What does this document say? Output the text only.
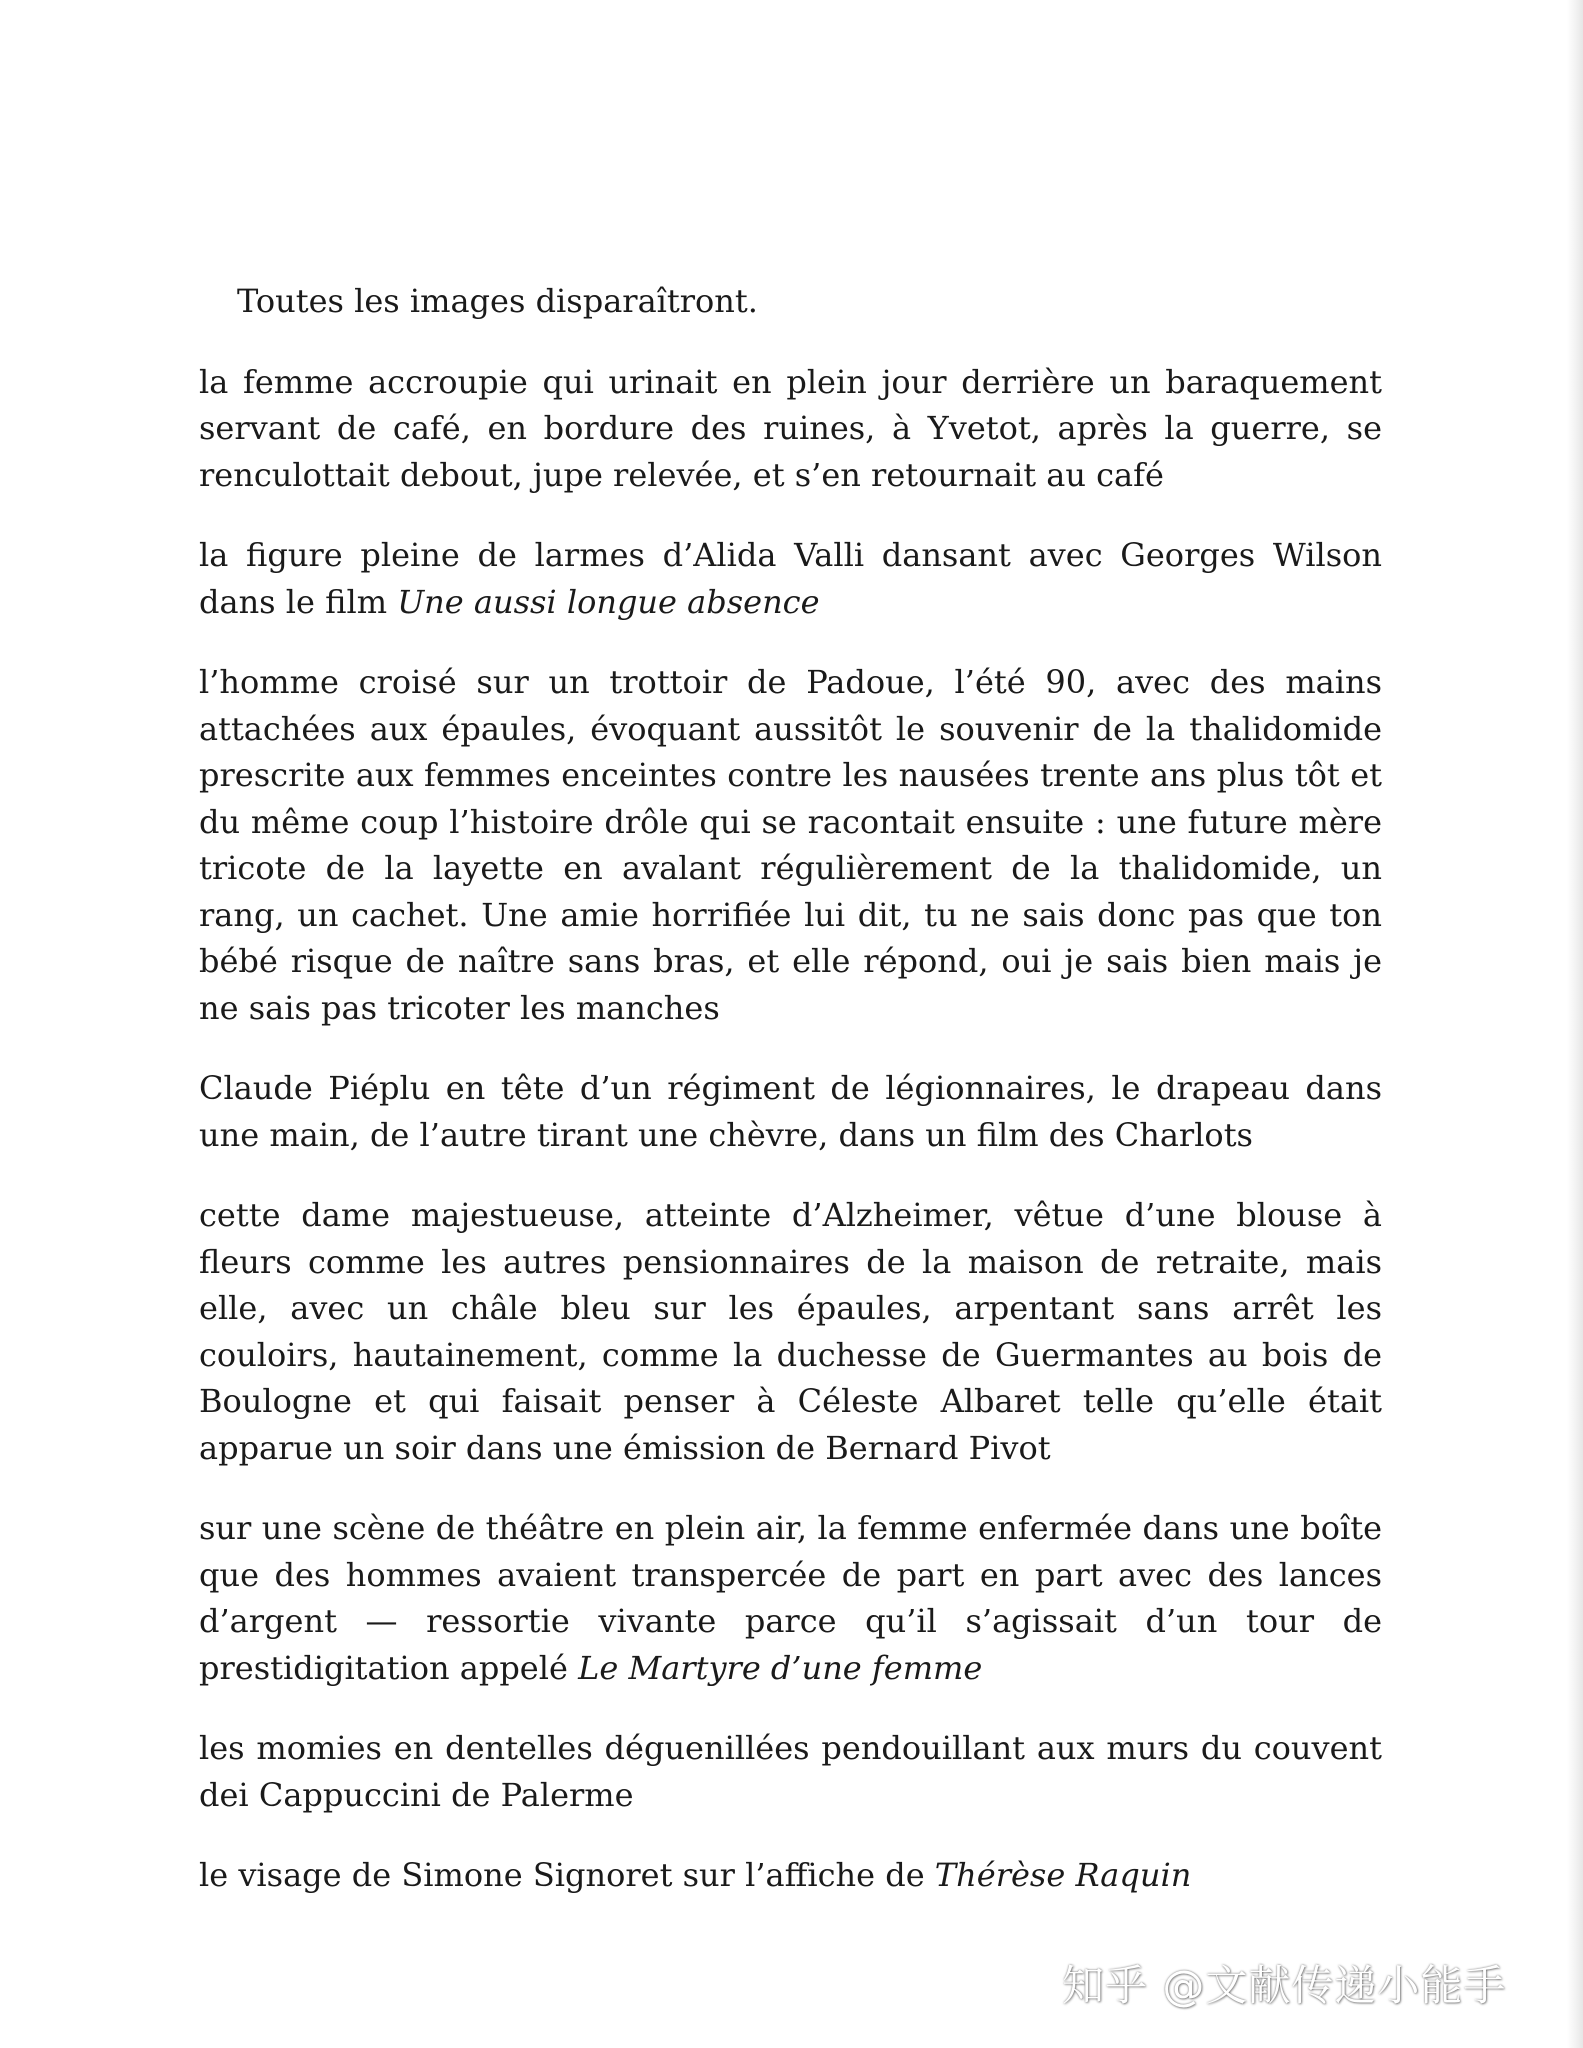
Toutes les images disparaîtront.

la femme accroupie qui urinait en plein jour derrière un baraquement servant de café, en bordure des ruines, à Yvetot, après la guerre, se renculottait debout, jupe relevée, et s’en retournait au café

la figure pleine de larmes d’Alida Valli dansant avec Georges Wilson dans le film Une aussi longue absence

l’homme croisé sur un trottoir de Padoue, l’été 90, avec des mains attachées aux épaules, évoquant aussitôt le souvenir de la thalidomide prescrite aux femmes enceintes contre les nausées trente ans plus tôt et du même coup l’histoire drôle qui se racontait ensuite : une future mère tricote de la layette en avalant régulièrement de la thalidomide, un rang, un cachet. Une amie horrifiée lui dit, tu ne sais donc pas que ton bébé risque de naître sans bras, et elle répond, oui je sais bien mais je ne sais pas tricoter les manches

Claude Piéplu en tête d’un régiment de légionnaires, le drapeau dans une main, de l’autre tirant une chèvre, dans un film des Charlots

cette dame majestueuse, atteinte d’Alzheimer, vêtue d’une blouse à fleurs comme les autres pensionnaires de la maison de retraite, mais elle, avec un châle bleu sur les épaules, arpentant sans arrêt les couloirs, hautainement, comme la duchesse de Guermantes au bois de Boulogne et qui faisait penser à Céleste Albaret telle qu’elle était apparue un soir dans une émission de Bernard Pivot

sur une scène de théâtre en plein air, la femme enfermée dans une boîte que des hommes avaient transpercée de part en part avec des lances d’argent — ressortie vivante parce qu’il s’agissait d’un tour de prestidigitation appelé Le Martyre d’une femme

les momies en dentelles déguenillées pendouillant aux murs du couvent dei Cappuccini de Palerme

le visage de Simone Signoret sur l’affiche de Thérèse Raquin

知乎 @文献传递小能手
